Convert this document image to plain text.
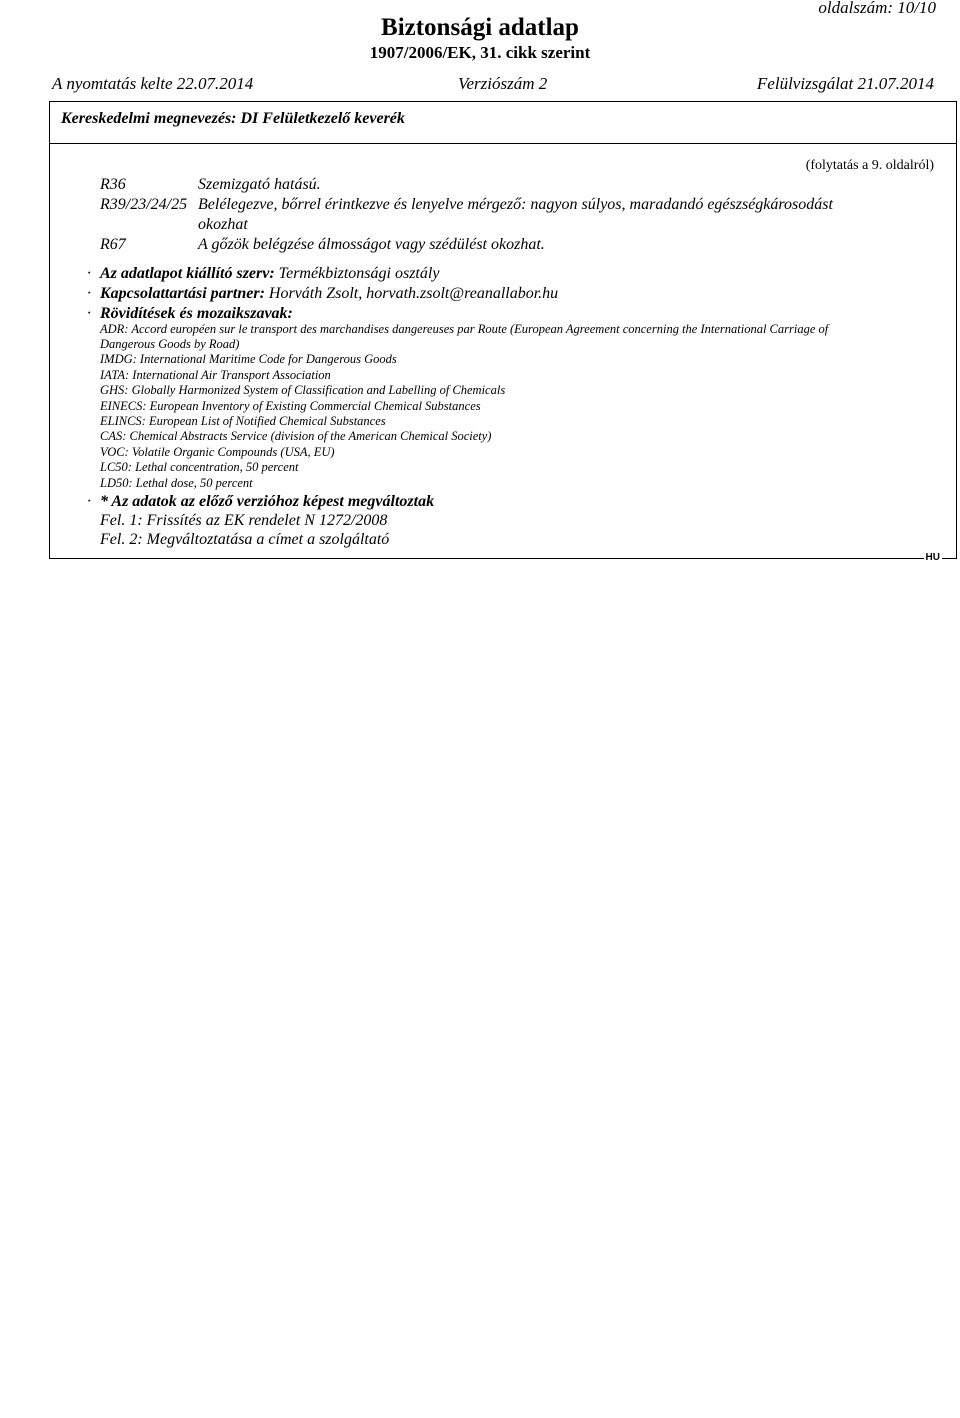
oldalszám: 10/10
Biztonsági adatlap
1907/2006/EK, 31. cikk szerint
A nyomtatás kelte 22.07.2014	Verziószám 2	Felülvizsgálat 21.07.2014
Kereskedelmi megnevezés: DI Felületkezelő keverék
(folytatás a 9. oldalról)
R36	Szemizgató hatású.
R39/23/24/25 Belélegezve, bőrrel érintkezve és lenyelve mérgező: nagyon súlyos, maradandó egészségkárosodást
okozhat
R67	A gőzök belégzése álmosságot vagy szédülést okozhat.
· Az adatlapot kiállító szerv: Termékbiztonsági osztály
· Kapcsolattartási partner: Horváth Zsolt, horvath.zsolt@reanallabor.hu
· Rövidítések és mozaikszavak:
ADR: Accord européen sur le transport des marchandises dangereuses par Route (European Agreement concerning the International Carriage of
Dangerous Goods by Road)
IMDG: International Maritime Code for Dangerous Goods
IATA: International Air Transport Association
GHS: Globally Harmonized System of Classification and Labelling of Chemicals
EINECS: European Inventory of Existing Commercial Chemical Substances
ELINCS: European List of Notified Chemical Substances
CAS: Chemical Abstracts Service (division of the American Chemical Society)
VOC: Volatile Organic Compounds (USA, EU)
LC50: Lethal concentration, 50 percent
LD50: Lethal dose, 50 percent
· * Az adatok az előző verzióhoz képest megváltoztak
Fel. 1: Frissítés az EK rendelet N 1272/2008
Fel. 2: Megváltoztatása a címet a szolgáltató
HU
